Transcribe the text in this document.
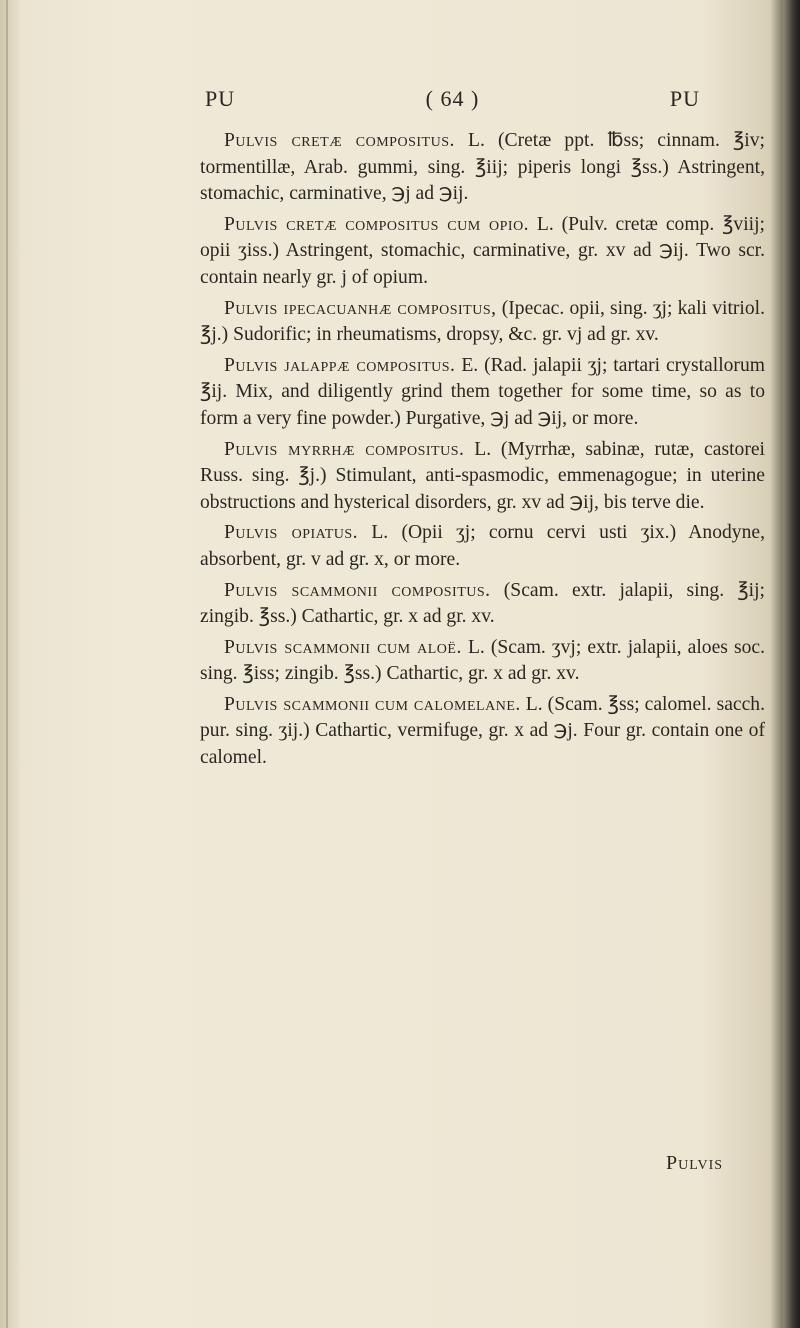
PU	( 64 )	PU

Pulvis cretæ compositus. L. (Cretæ ppt. ℔ss; cinnam. ℥iv; tormentillæ, Arab. gummi, sing. ℥iij; piperis longi ℥ss.) Astringent, stomachic, carminative, ℈j ad ℈ij.

Pulvis cretæ compositus cum opio. L. (Pulv. cretæ comp. ℥viij; opii ʒiss.) Astringent, stomachic, carminative, gr. xv ad ℈ij. Two scr. contain nearly gr. j of opium.

Pulvis ipecacuanhæ compositus, (Ipecac. opii, sing. ʒj; kali vitriol. ℥j.) Sudorific; in rheumatisms, dropsy, &c. gr. vj ad gr. xv.

Pulvis jalappæ compositus. E. (Rad. jalapii ʒj; tartari crystallorum ℥ij. Mix, and diligently grind them together for some time, so as to form a very fine powder.) Purgative, ℈j ad ℈ij, or more.

Pulvis myrrhæ compositus. L. (Myrrhæ, sabinæ, rutæ, castorei Russ. sing. ℥j.) Stimulant, anti-spasmodic, emmenagogue; in uterine obstructions and hysterical disorders, gr. xv ad ℈ij, bis terve die.

Pulvis opiatus. L. (Opii ʒj; cornu cervi usti ʒix.) Anodyne, absorbent, gr. v ad gr. x, or more.

Pulvis scammonii compositus. (Scam. extr. jalapii, sing. ℥ij; zingib. ℥ss.) Cathartic, gr. x ad gr. xv.

Pulvis scammonii cum aloë. L. (Scam. ʒvj; extr. jalapii, aloes soc. sing. ℥iss; zingib. ℥ss.) Cathartic, gr. x ad gr. xv.

Pulvis scammonii cum calomelane. L. (Scam. ℥ss; calomel. sacch. pur. sing. ʒij.) Cathartic, vermifuge, gr. x ad ℈j. Four gr. contain one of calomel.

Pulvis
